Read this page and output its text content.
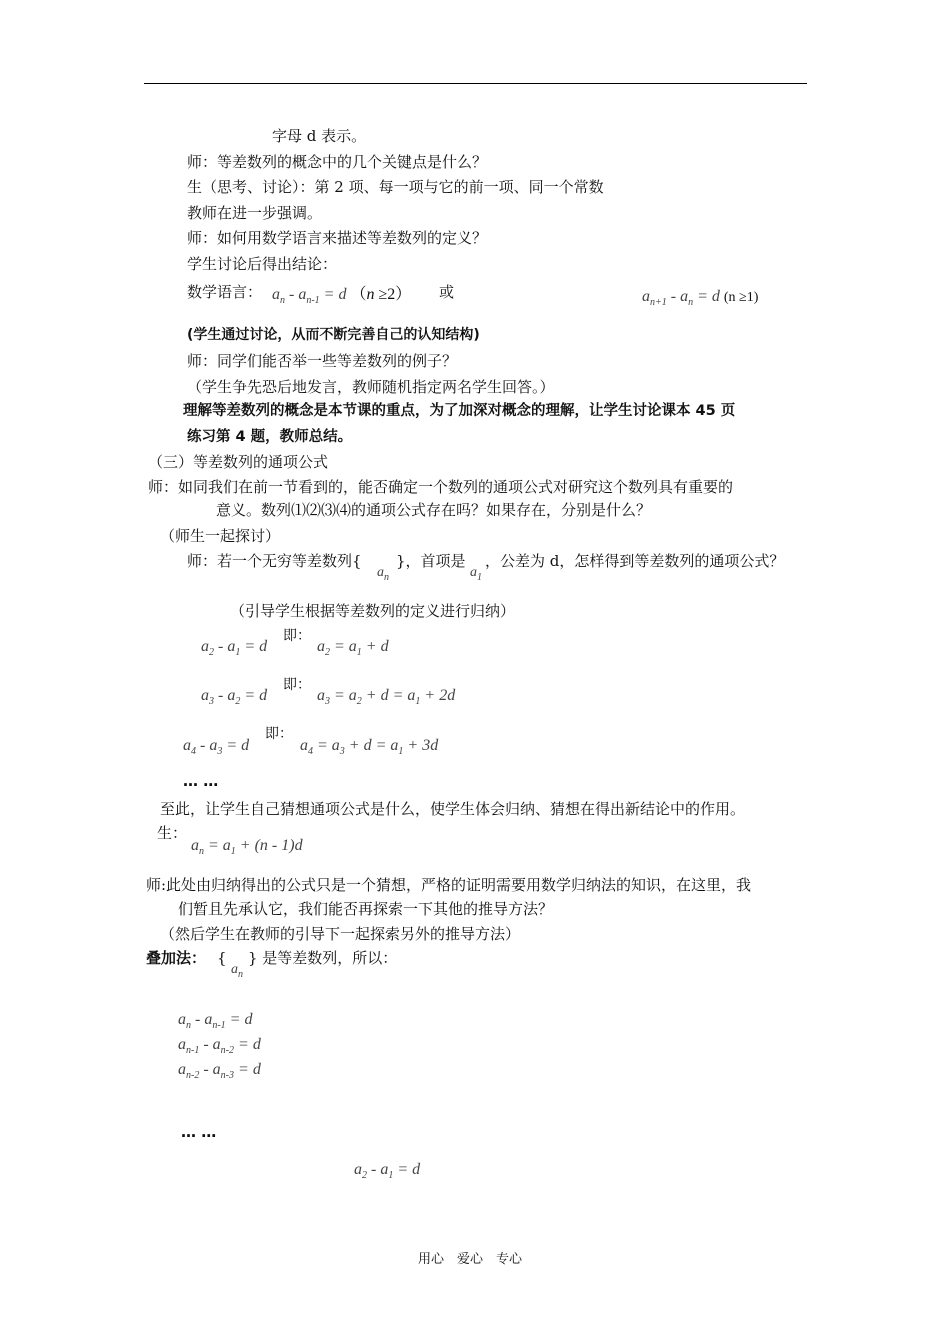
字母 d 表示。
师：等差数列的概念中的几个关键点是什么？
生（思考、讨论）：第 2 项、每一项与它的前一项、同一个常数
教师在进一步强调。
师：如何用数学语言来描述等差数列的定义？
学生讨论后得出结论：
数学语言： $a_n - a_{n-1} = d$ （n ≥2） 或	$a_{n+1} - a_n = d$ (n ≥1)
(学生通过讨论，从而不断完善自己的认知结构)
师：同学们能否举一些等差数列的例子？
（学生争先恐后地发言，教师随机指定两名学生回答。）
理解等差数列的概念是本节课的重点，为了加深对概念的理解，让学生讨论课本 45 页
练习第 4 题，教师总结。
（三）等差数列的通项公式
师：如同我们在前一节看到的，能否确定一个数列的通项公式对研究这个数列具有重要的
意义。数列⑴⑵⑶⑷的通项公式存在吗？如果存在，分别是什么？
（师生一起探讨）
师：若一个无穷等差数列{
$a_n$
}，首项是
$a_1$
，公差为 d，怎样得到等差数列的通项公式？
（引导学生根据等差数列的定义进行归纳）
$a_2 - a_1 = d$
即：
$a_2 = a_1 + d$
$a_3 - a_2 = d$
即：
$a_3 = a_2 + d = a_1 + 2d$
$a_4 - a_3 = d$
即：
$a_4 = a_3 + d = a_1 + 3d$
… …
至此，让学生自己猜想通项公式是什么，使学生体会归纳、猜想在得出新结论中的作用。
生：
$a_n = a_1 + (n - 1)d$
师:此处由归纳得出的公式只是一个猜想，严格的证明需要用数学归纳法的知识，在这里，我
们暂且先承认它，我们能否再探索一下其他的推导方法？
（然后学生在教师的引导下一起探索另外的推导方法）
叠加法： {
$a_n$
} 是等差数列，所以：
$a_n - a_{n-1} = d$
$a_{n-1} - a_{n-2} = d$
$a_{n-2} - a_{n-3} = d$
… …
$a_2 - a_1 = d$
用心　爱心　专心
